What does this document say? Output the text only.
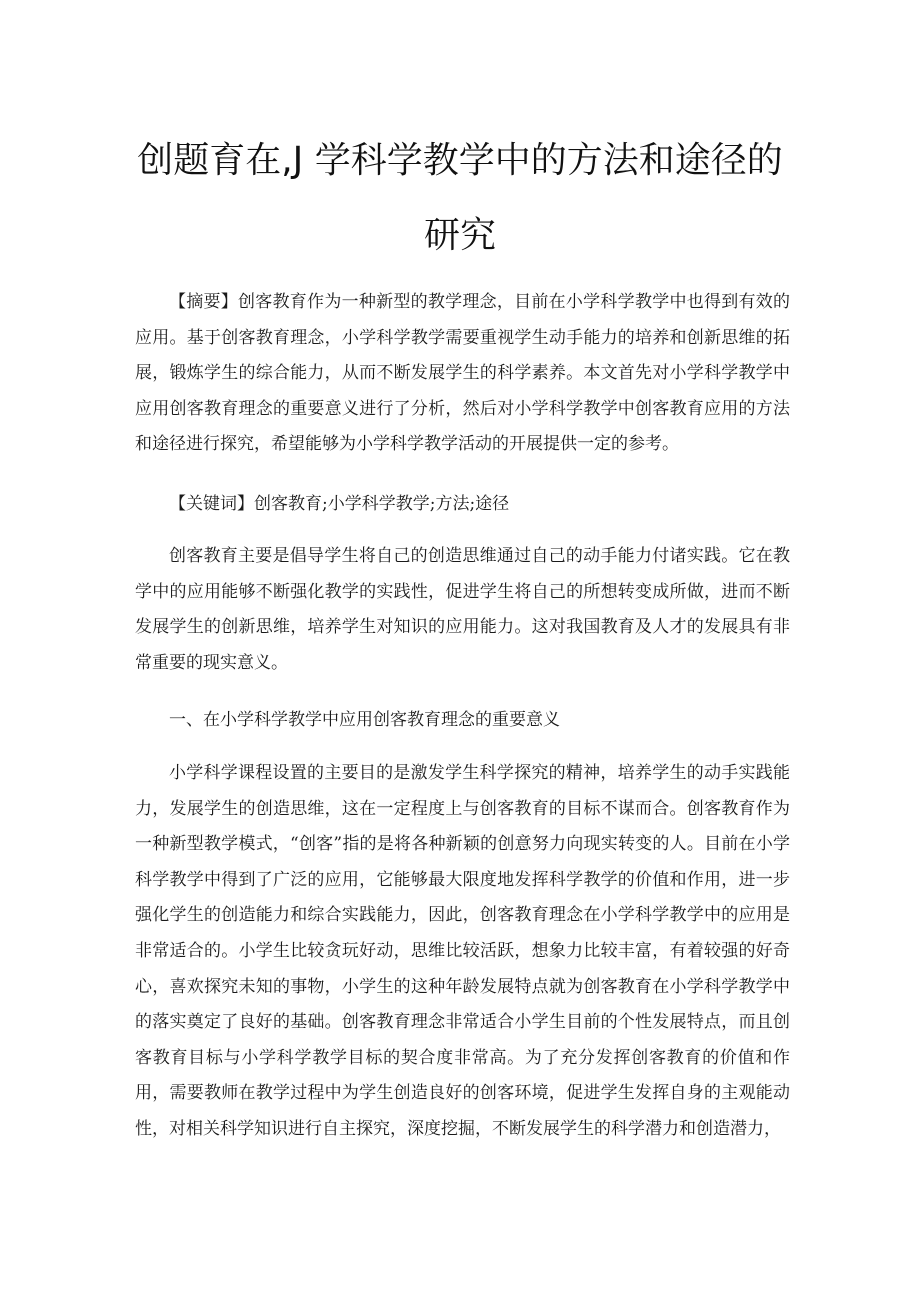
创题育在,J 学科学教学中的方法和途径的
研究

【摘要】创客教育作为一种新型的教学理念，目前在小学科学教学中也得到有效的应用。基于创客教育理念，小学科学教学需要重视学生动手能力的培养和创新思维的拓展，锻炼学生的综合能力，从而不断发展学生的科学素养。本文首先对小学科学教学中应用创客教育理念的重要意义进行了分析，然后对小学科学教学中创客教育应用的方法和途径进行探究，希望能够为小学科学教学活动的开展提供一定的参考。

【关键词】创客教育;小学科学教学;方法;途径

创客教育主要是倡导学生将自己的创造思维通过自己的动手能力付诸实践。它在教学中的应用能够不断强化教学的实践性，促进学生将自己的所想转变成所做，进而不断发展学生的创新思维，培养学生对知识的应用能力。这对我国教育及人才的发展具有非常重要的现实意义。

一、在小学科学教学中应用创客教育理念的重要意义

小学科学课程设置的主要目的是激发学生科学探究的精神，培养学生的动手实践能力，发展学生的创造思维，这在一定程度上与创客教育的目标不谋而合。创客教育作为一种新型教学模式，“创客”指的是将各种新颖的创意努力向现实转变的人。目前在小学科学教学中得到了广泛的应用，它能够最大限度地发挥科学教学的价值和作用，进一步强化学生的创造能力和综合实践能力，因此，创客教育理念在小学科学教学中的应用是非常适合的。小学生比较贪玩好动，思维比较活跃，想象力比较丰富，有着较强的好奇心，喜欢探究未知的事物，小学生的这种年龄发展特点就为创客教育在小学科学教学中的落实奠定了良好的基础。创客教育理念非常适合小学生目前的个性发展特点，而且创客教育目标与小学科学教学目标的契合度非常高。为了充分发挥创客教育的价值和作用，需要教师在教学过程中为学生创造良好的创客环境，促进学生发挥自身的主观能动性，对相关科学知识进行自主探究，深度挖掘，不断发展学生的科学潜力和创造潜力，
